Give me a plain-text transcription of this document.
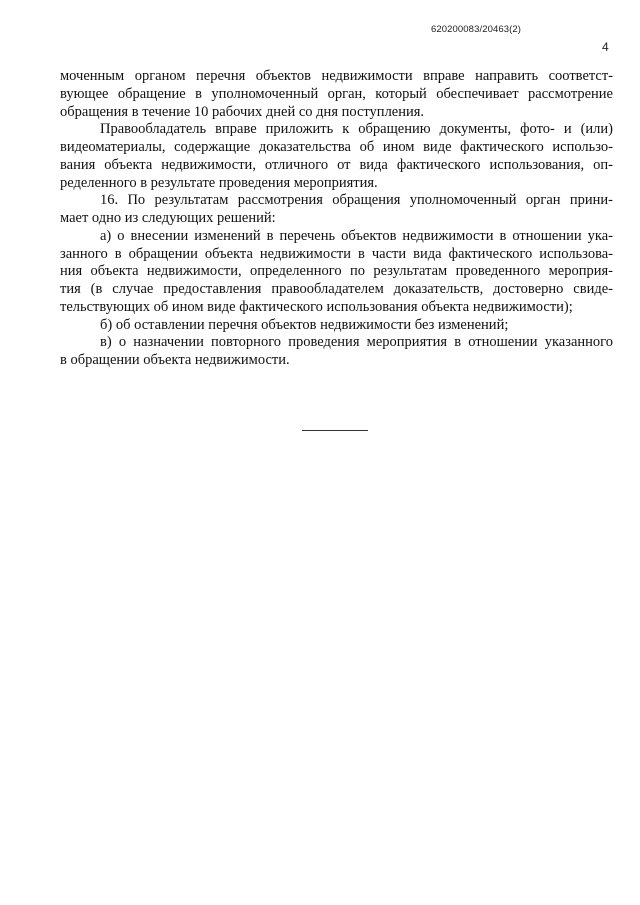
620200083/20463(2)
4
моченным органом перечня объектов недвижимости вправе направить соответст-
вующее обращение в уполномоченный орган, который обеспечивает рассмотрение
обращения в течение 10 рабочих дней со дня поступления.
Правообладатель вправе приложить к обращению документы, фото- и (или)
видеоматериалы, содержащие доказательства об ином виде фактического использо-
вания объекта недвижимости, отличного от вида фактического использования, оп-
ределенного в результате проведения мероприятия.
16. По результатам рассмотрения обращения уполномоченный орган прини-
мает одно из следующих решений:
а) о внесении изменений в перечень объектов недвижимости в отношении ука-
занного в обращении объекта недвижимости в части вида фактического использова-
ния объекта недвижимости, определенного по результатам проведенного мероприя-
тия (в случае предоставления правообладателем доказательств, достоверно свиде-
тельствующих об ином виде фактического использования объекта недвижимости);
б) об оставлении перечня объектов недвижимости без изменений;
в) о назначении повторного проведения мероприятия в отношении указанного
в обращении объекта недвижимости.
